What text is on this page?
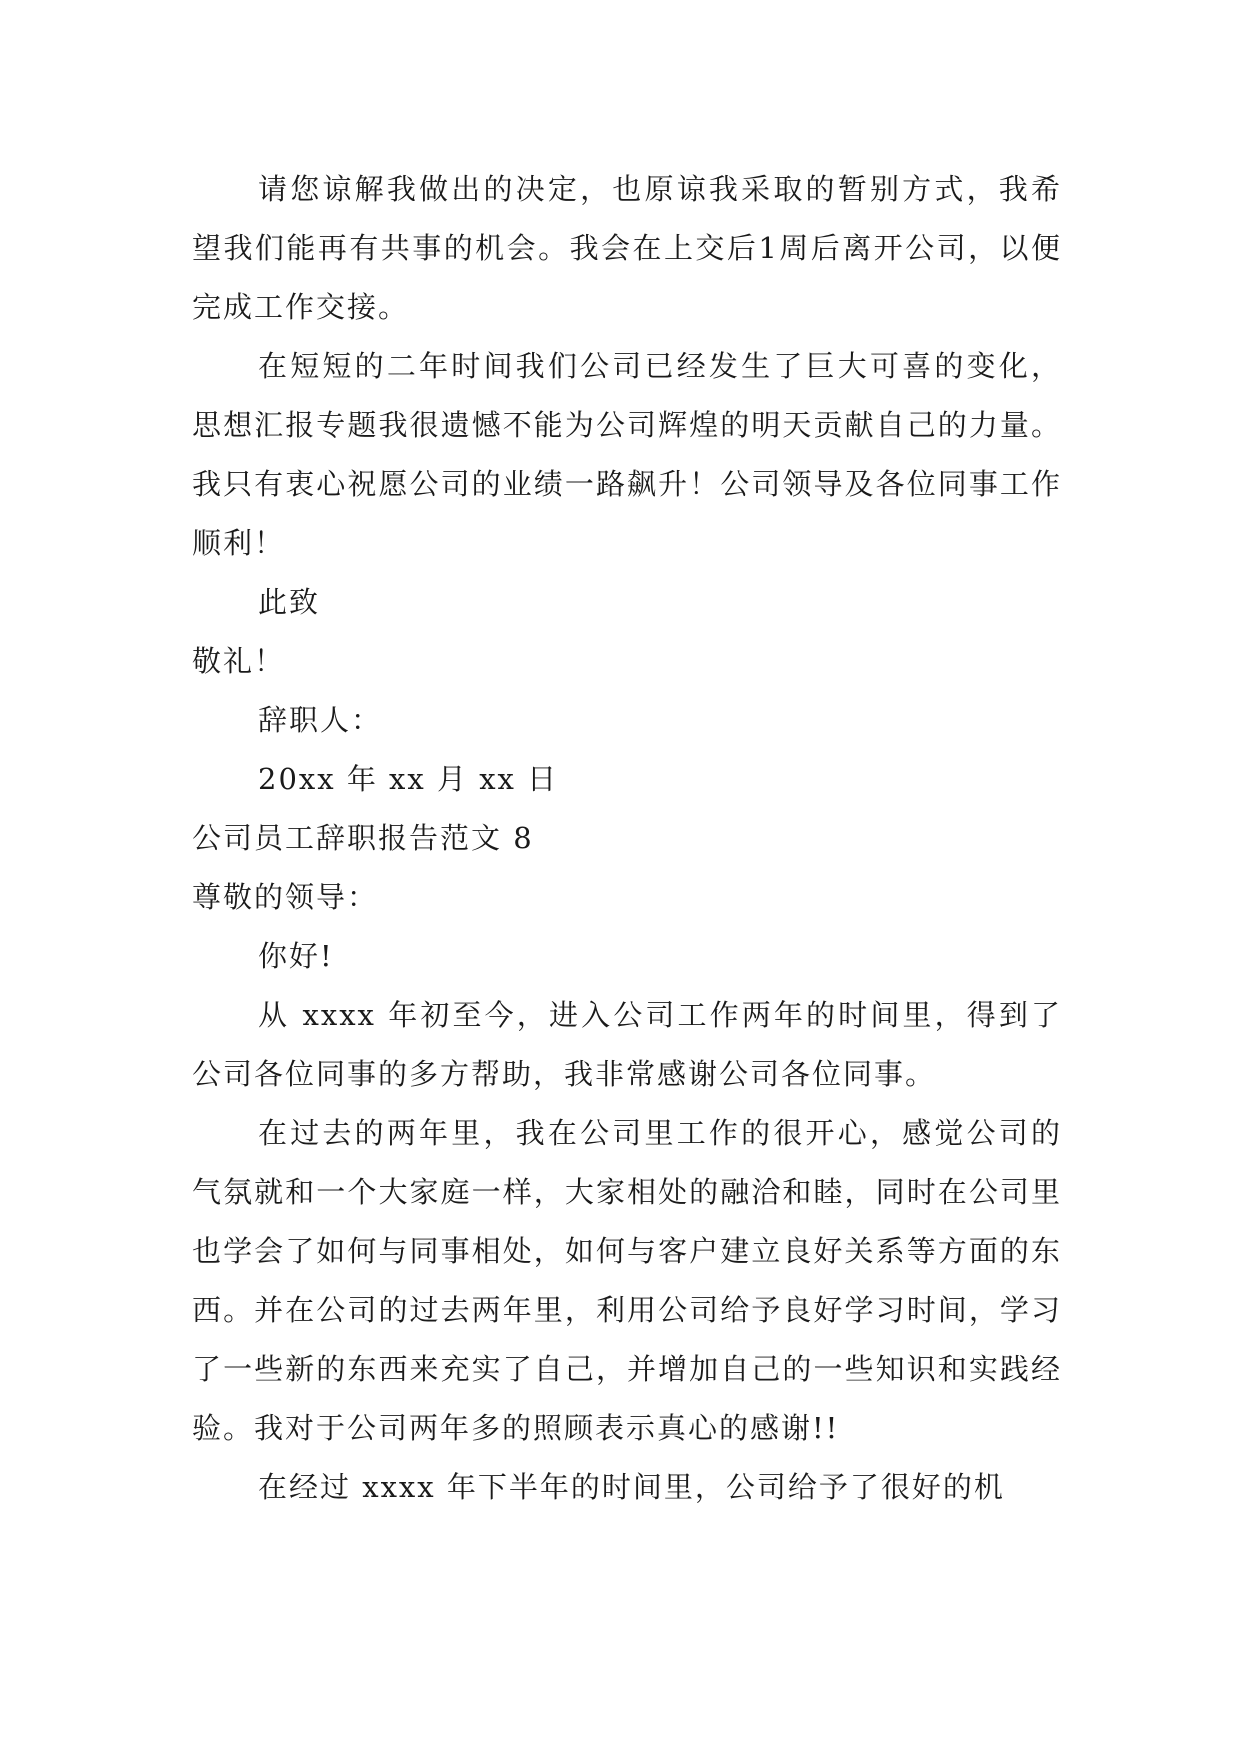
请您谅解我做出的决定，也原谅我采取的暂别方式，我希望我们能再有共事的机会。我会在上交后1周后离开公司，以便完成工作交接。

在短短的二年时间我们公司已经发生了巨大可喜的变化，思想汇报专题我很遗憾不能为公司辉煌的明天贡献自己的力量。我只有衷心祝愿公司的业绩一路飙升！公司领导及各位同事工作顺利！

此致

敬礼！

辞职人：

20xx 年 xx 月 xx 日

公司员工辞职报告范文 8

尊敬的领导：

你好!

从 xxxx 年初至今，进入公司工作两年的时间里，得到了公司各位同事的多方帮助，我非常感谢公司各位同事。

在过去的两年里，我在公司里工作的很开心，感觉公司的气氛就和一个大家庭一样，大家相处的融洽和睦，同时在公司里也学会了如何与同事相处，如何与客户建立良好关系等方面的东西。并在公司的过去两年里，利用公司给予良好学习时间，学习了一些新的东西来充实了自己，并增加自己的一些知识和实践经验。我对于公司两年多的照顾表示真心的感谢!!

在经过 xxxx 年下半年的时间里，公司给予了很好的机
